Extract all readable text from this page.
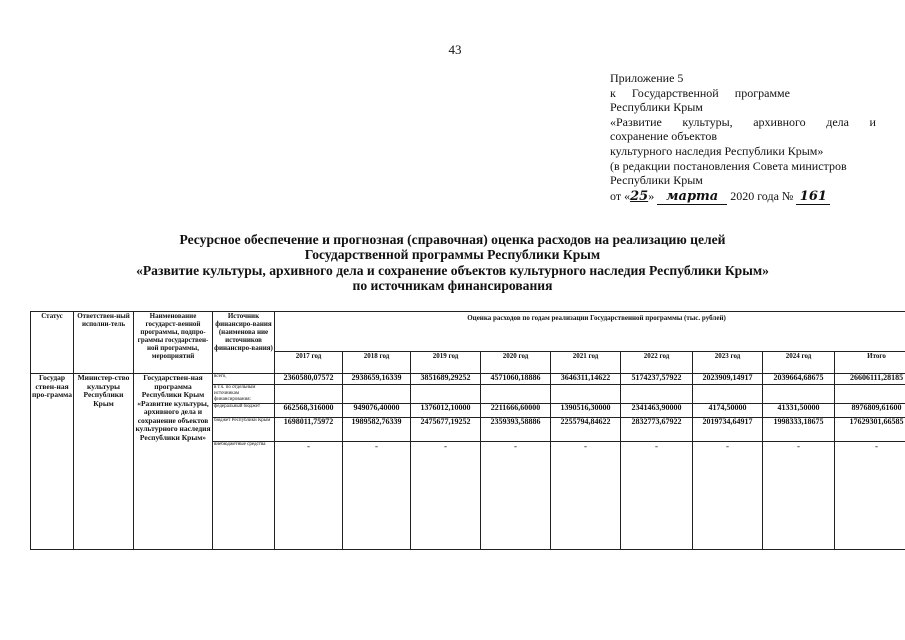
43
Приложение 5
к Государственной программе
Республики Крым
«Развитие культуры, архивного дела и
сохранение объектов
культурного наследия Республики Крым»
(в редакции постановления Совета министров
Республики Крым
от «25» марта 2020 года № 161
Ресурсное обеспечение и прогнозная (справочная) оценка расходов на реализацию целей
Государственной программы Республики Крым
«Развитие культуры, архивного дела и сохранение объектов культурного наследия Республики Крым»
по источникам финансирования
Статус	Ответствен-ный исполни-тель	Наименование государст-венной программы, подпро-граммы государствен-ной программы, мероприятий	Источник финансиро-вания (наименова ние источников финансиро-вания)	Оценка расходов по годам реализации Государственной программы (тыс. рублей)								
				2017 год	2018 год	2019 год	2020 год	2021 год	2022 год	2023 год	2024 год	Итого
Государ ствен-ная про-грамма	Министер-ство культуры Республики Крым	Государствен-ная программа Республики Крым «Развитие культуры, архивного дела и сохранение объектов культурного наследия Республики Крым»	всего,	2360580,07572	2938659,16339	3851689,29252	4571060,18886	3646311,14622	5174237,57922	2023909,14917	2039664,68675	26606111,28185
			в т.ч. по отдельным источникам финансирования:									
			федеральный бюджет	662568,316000	949076,40000	1376012,10000	2211666,60000	1390516,30000	2341463,90000	4174,50000	41331,50000	8976809,61600
			бюджет Республики Крым	1698011,75972	1989582,76339	2475677,19252	2359393,58886	2255794,84622	2832773,67922	2019734,64917	1998333,18675	17629301,66585
			внебюджетные средства	-	-	-	-	-	-	-	-	-
